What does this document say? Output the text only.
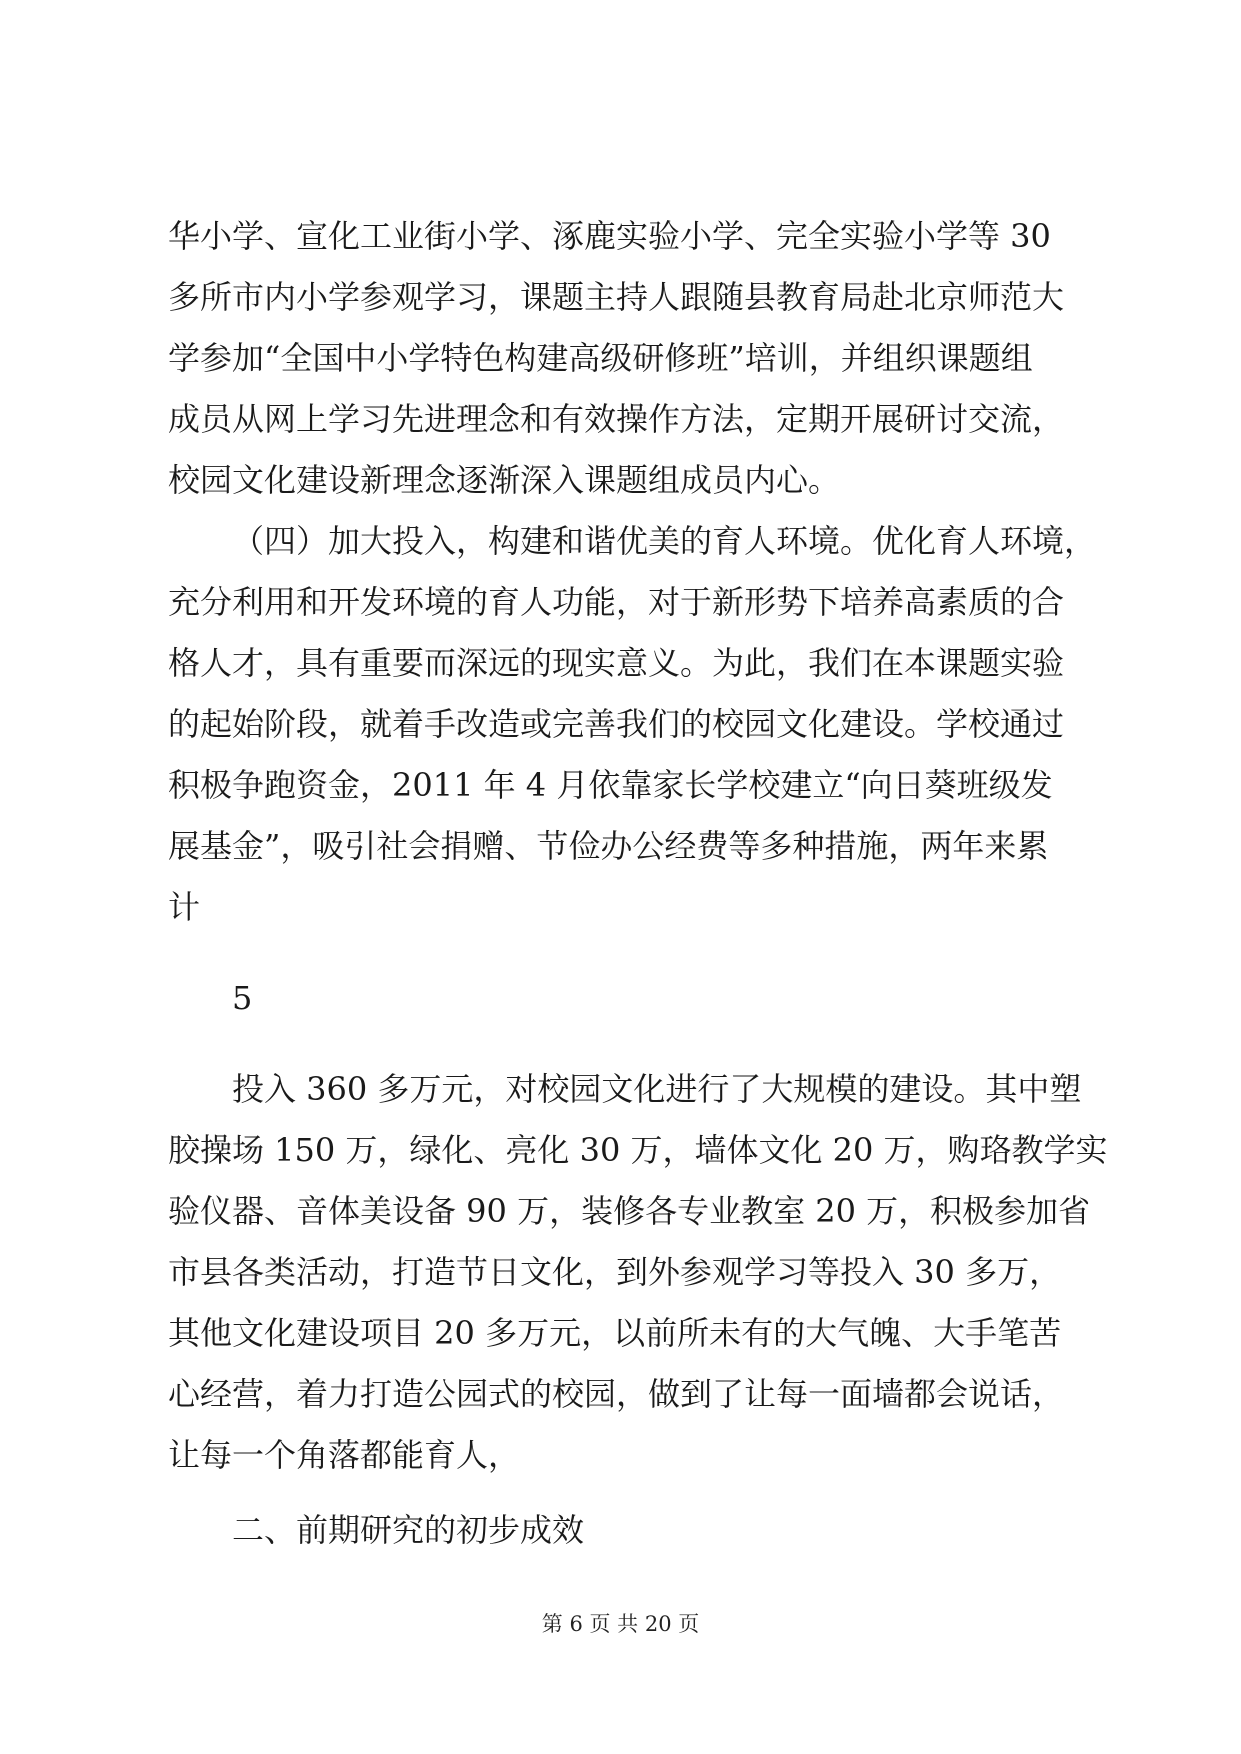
华小学、宣化工业街小学、涿鹿实验小学、完全实验小学等 30
多所市内小学参观学习，课题主持人跟随县教育局赴北京师范大
学参加“全国中小学特色构建高级研修班”培训，并组织课题组
成员从网上学习先进理念和有效操作方法，定期开展研讨交流，
校园文化建设新理念逐渐深入课题组成员内心。
（四）加大投入，构建和谐优美的育人环境。优化育人环境，
充分利用和开发环境的育人功能，对于新形势下培养高素质的合
格人才，具有重要而深远的现实意义。为此，我们在本课题实验
的起始阶段，就着手改造或完善我们的校园文化建设。学校通过
积极争跑资金，2011 年 4 月依靠家长学校建立“向日葵班级发
展基金”，吸引社会捐赠、节俭办公经费等多种措施，两年来累
计
5
投入 360 多万元，对校园文化进行了大规模的建设。其中塑
胶操场 150 万，绿化、亮化 30 万，墙体文化 20 万，购珞教学实
验仪器、音体美设备 90 万，装修各专业教室 20 万，积极参加省
市县各类活动，打造节日文化，到外参观学习等投入 30 多万，
其他文化建设项目 20 多万元，以前所未有的大气魄、大手笔苦
心经营，着力打造公园式的校园，做到了让每一面墙都会说话，
让每一个角落都能育人，
二、前期研究的初步成效
第 6 页 共 20 页
